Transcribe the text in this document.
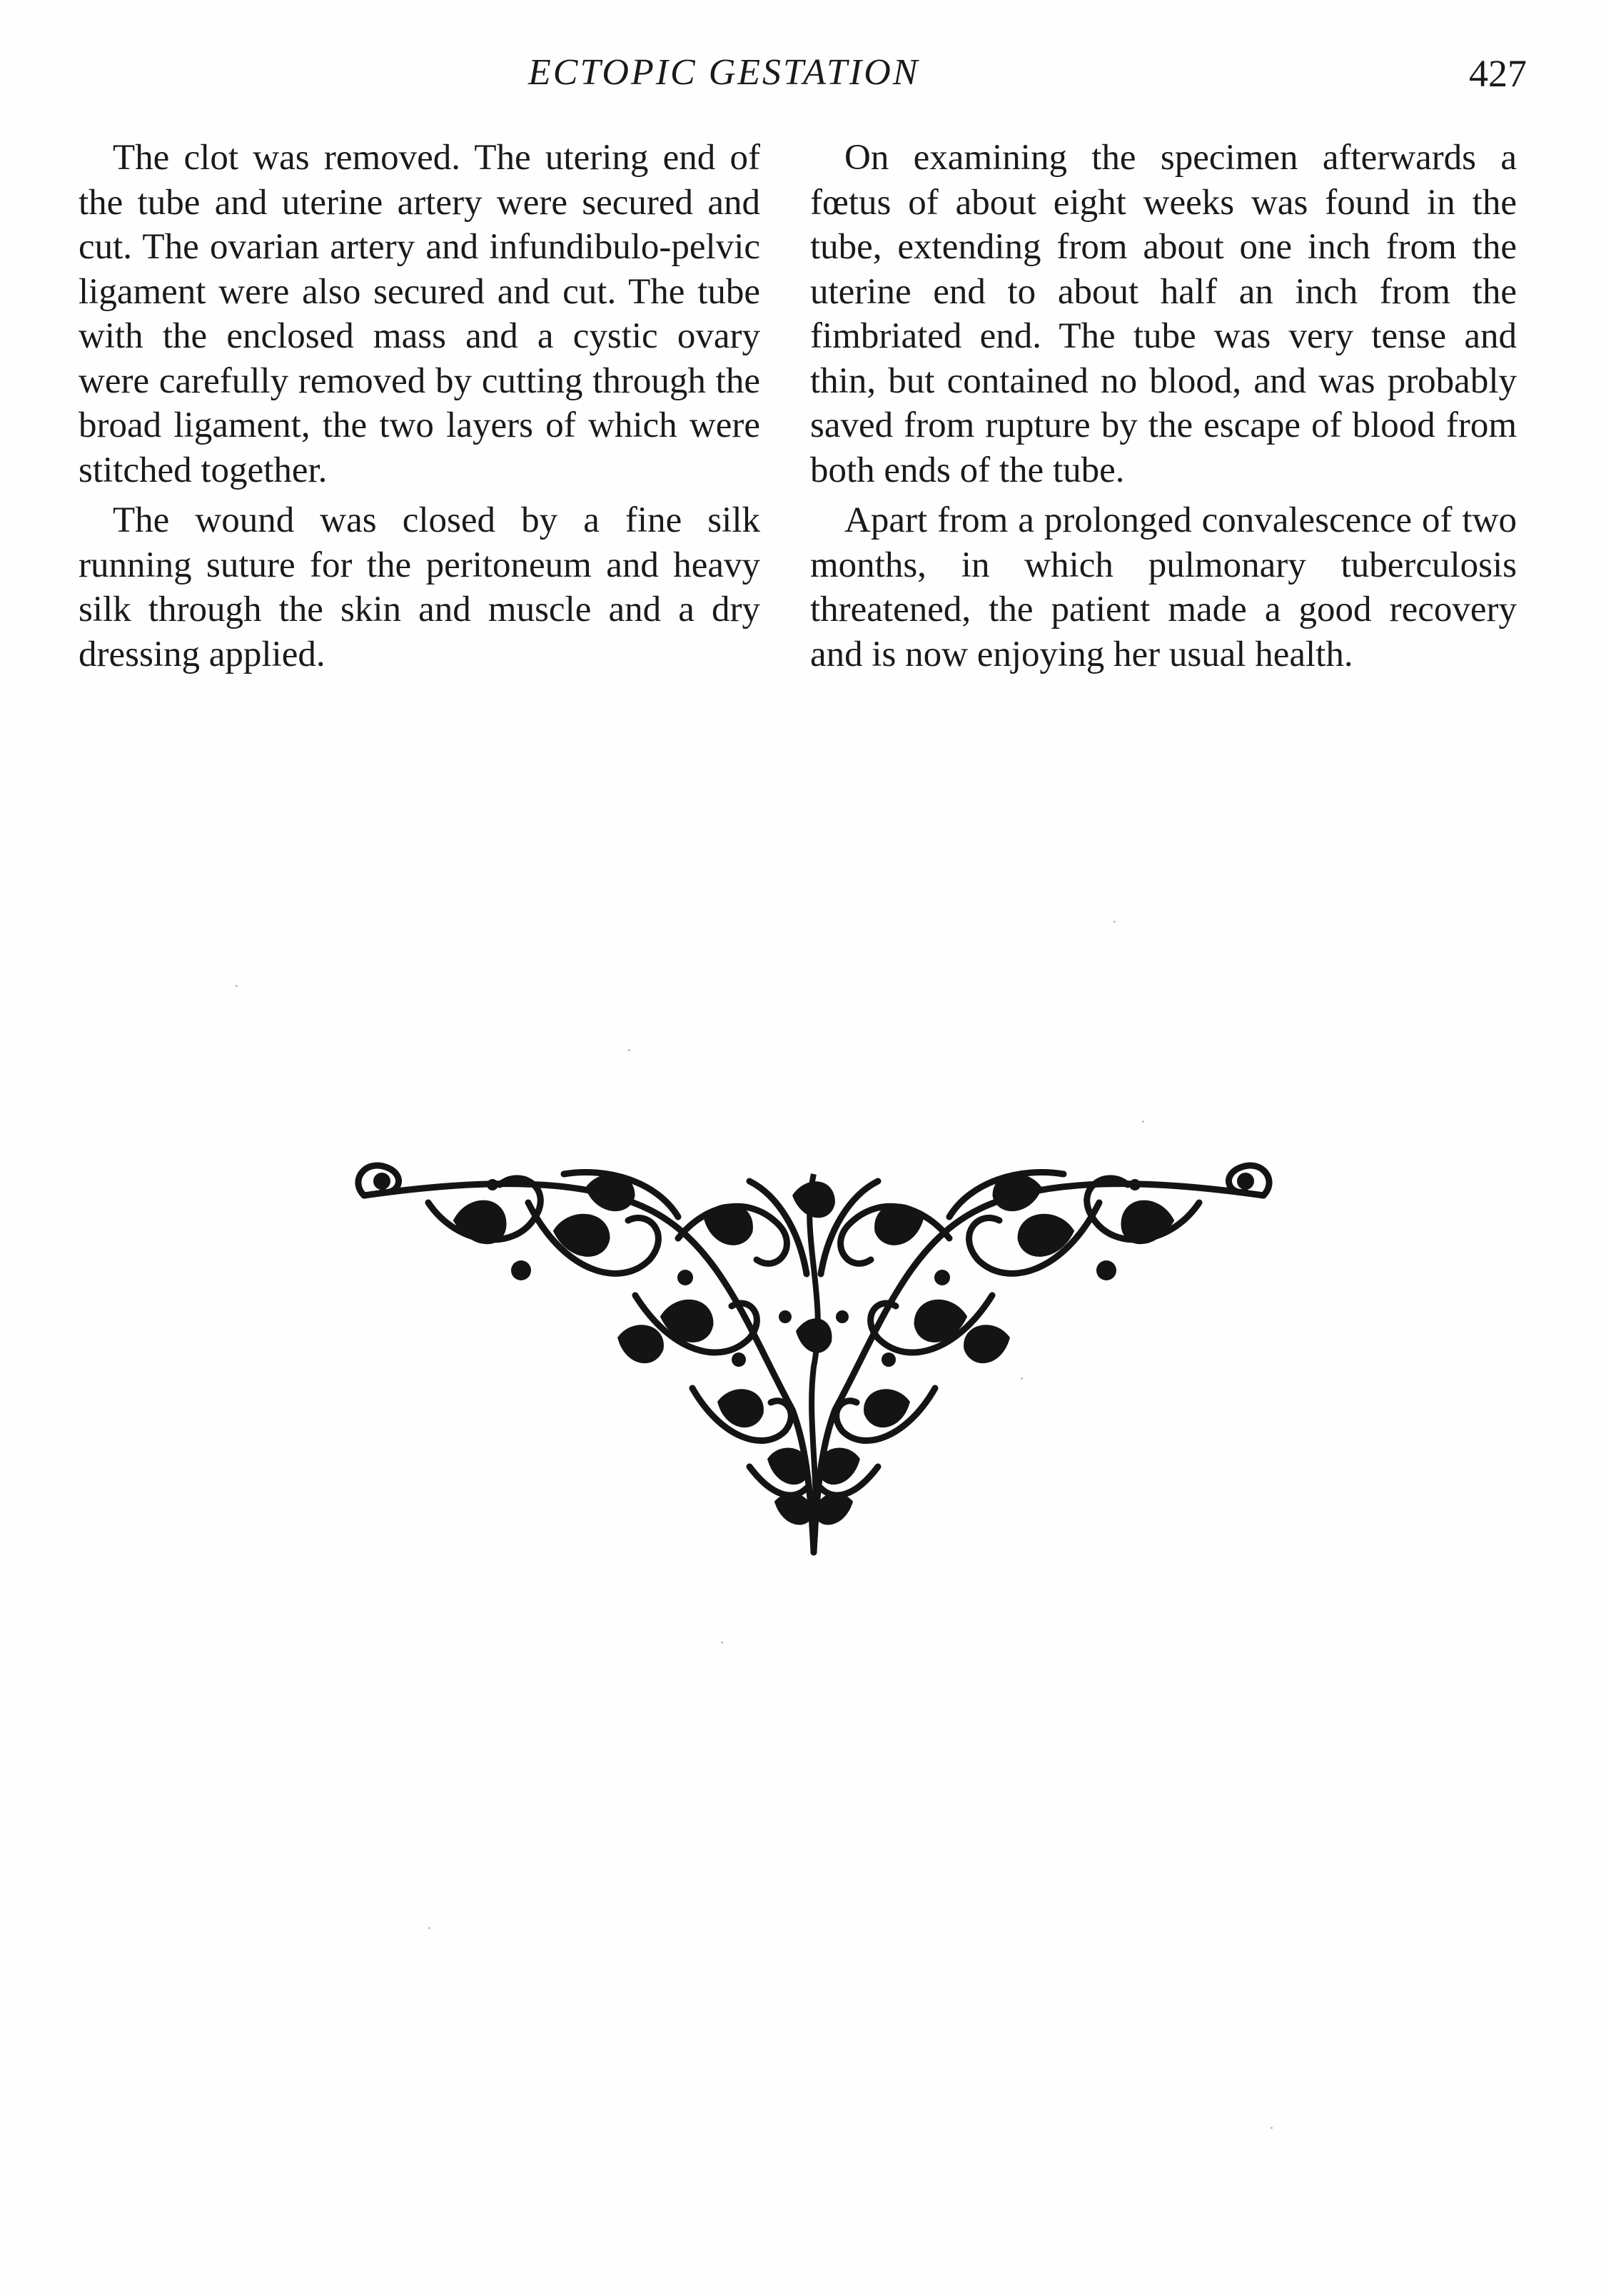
ECTOPIC GESTATION	427

The clot was removed. The utering end of the tube and uterine artery were secured and cut. The ovarian artery and infundibulo-pelvic ligament were also secured and cut. The tube with the enclosed mass and a cystic ovary were carefully removed by cutting through the broad ligament, the two layers of which were stitched together.

The wound was closed by a fine silk running suture for the peritoneum and heavy silk through the skin and muscle and a dry dressing applied.

On examining the specimen afterwards a fœtus of about eight weeks was found in the tube, extending from about one inch from the uterine end to about half an inch from the fimbriated end. The tube was very tense and thin, but contained no blood, and was probably saved from rupture by the escape of blood from both ends of the tube.

Apart from a prolonged convalescence of two months, in which pulmonary tuberculosis threatened, the patient made a good recovery and is now enjoying her usual health.
